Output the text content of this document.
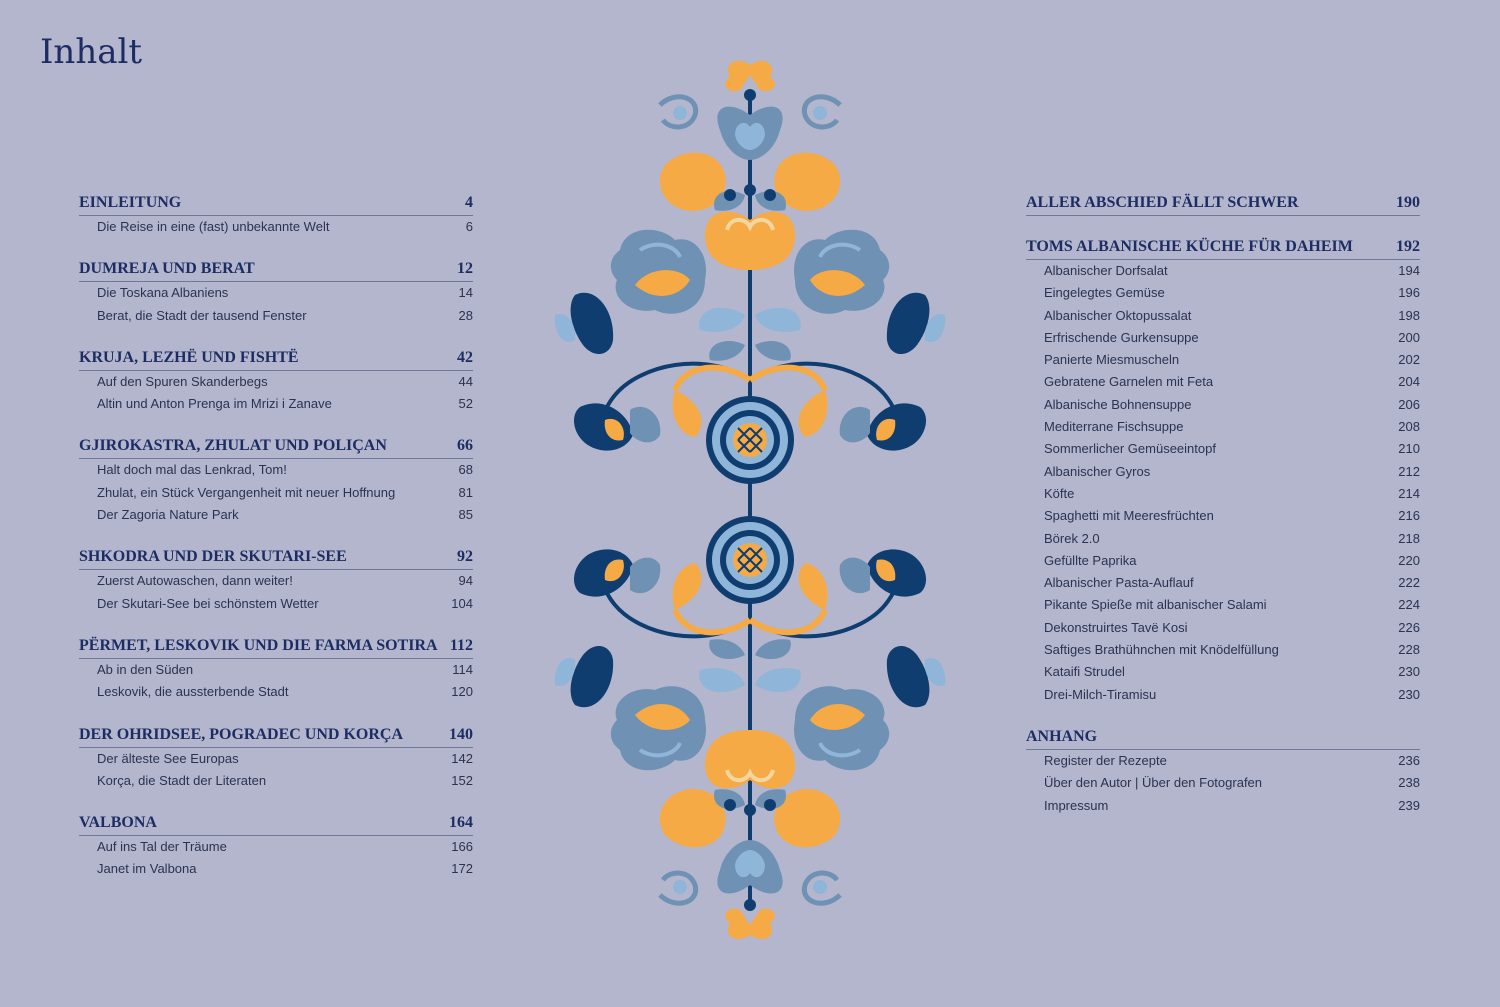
Inhalt
EINLEITUNG	4
Die Reise in eine (fast) unbekannte Welt	6
DUMREJA UND BERAT	12
Die Toskana Albaniens	14
Berat, die Stadt der tausend Fenster	28
KRUJA, LEZHË UND FISHTË	42
Auf den Spuren Skanderbegs	44
Altin und Anton Prenga im Mrizi i Zanave	52
GJIROKASTRA, ZHULAT UND POLIÇAN	66
Halt doch mal das Lenkrad, Tom!	68
Zhulat, ein Stück Vergangenheit mit neuer Hoffnung	81
Der Zagoria Nature Park	85
SHKODRA UND DER SKUTARI-SEE	92
Zuerst Autowaschen, dann weiter!	94
Der Skutari-See bei schönstem Wetter	104
PËRMET, LESKOVIK UND DIE FARMA SOTIRA 112
Ab in den Süden	114
Leskovik, die aussterbende Stadt	120
DER OHRIDSEE, POGRADEC UND KORÇA	140
Der älteste See Europas	142
Korça, die Stadt der Literaten	152
VALBONA	164
Auf ins Tal der Träume	166
Janet im Valbona	172
ALLER ABSCHIED FÄLLT SCHWER	190
TOMS ALBANISCHE KÜCHE FÜR DAHEIM	192
Albanischer Dorfsalat	194
Eingelegtes Gemüse	196
Albanischer Oktopussalat	198
Erfrischende Gurkensuppe	200
Panierte Miesmuscheln	202
Gebratene Garnelen mit Feta	204
Albanische Bohnensuppe	206
Mediterrane Fischsuppe	208
Sommerlicher Gemüseeintopf	210
Albanischer Gyros	212
Köfte	214
Spaghetti mit Meeresfrüchten	216
Börek 2.0	218
Gefüllte Paprika	220
Albanischer Pasta-Auflauf	222
Pikante Spieße mit albanischer Salami	224
Dekonstruirtes Tavë Kosi	226
Saftiges Brathühnchen mit Knödelfüllung	228
Kataifi Strudel	230
Drei-Milch-Tiramisu	230
ANHANG
Register der Rezepte	236
Über den Autor | Über den Fotografen	238
Impressum	239
